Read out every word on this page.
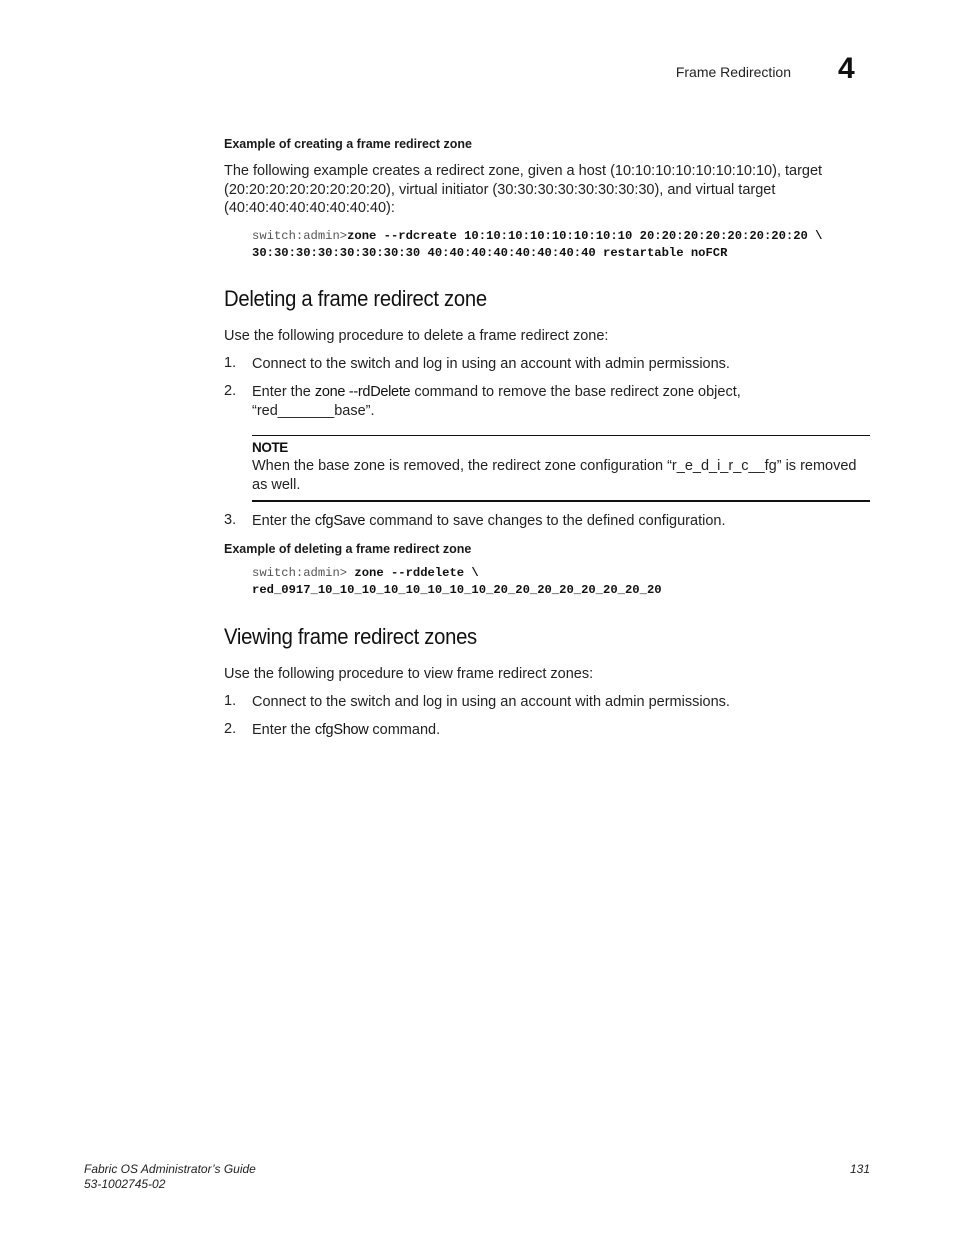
Frame Redirection 4
Example of creating a frame redirect zone
The following example creates a redirect zone, given a host (10:10:10:10:10:10:10:10), target
(20:20:20:20:20:20:20:20), virtual initiator (30:30:30:30:30:30:30:30), and virtual target
(40:40:40:40:40:40:40:40):
switch:admin>zone --rdcreate 10:10:10:10:10:10:10:10 20:20:20:20:20:20:20:20 \
30:30:30:30:30:30:30:30 40:40:40:40:40:40:40:40 restartable noFCR
Deleting a frame redirect zone
Use the following procedure to delete a frame redirect zone:
1. Connect to the switch and log in using an account with admin permissions.
2. Enter the zone --rdDelete command to remove the base redirect zone object,
“red_______base”.
NOTE
When the base zone is removed, the redirect zone configuration “r_e_d_i_r_c__fg” is removed
as well.
3. Enter the cfgSave command to save changes to the defined configuration.
Example of deleting a frame redirect zone
switch:admin> zone --rddelete \
red_0917_10_10_10_10_10_10_10_10_20_20_20_20_20_20_20_20
Viewing frame redirect zones
Use the following procedure to view frame redirect zones:
1. Connect to the switch and log in using an account with admin permissions.
2. Enter the cfgShow command.
Fabric OS Administrator’s Guide
53-1002745-02
131
